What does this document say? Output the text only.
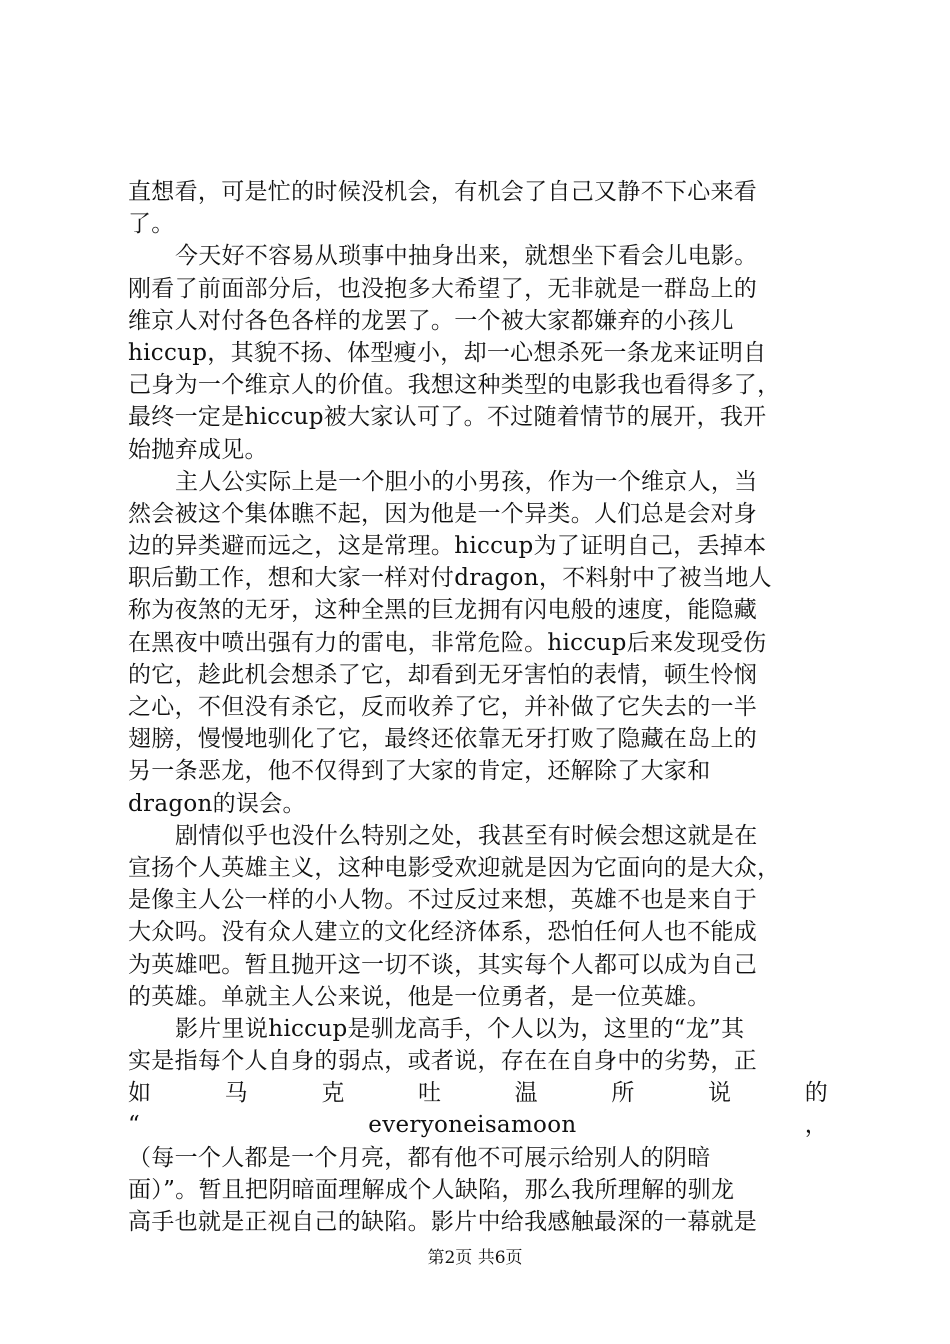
直想看，可是忙的时候没机会，有机会了自己又静不下心来看
了。
今天好不容易从琐事中抽身出来，就想坐下看会儿电影。
刚看了前面部分后，也没抱多大希望了，无非就是一群岛上的
维京人对付各色各样的龙罢了。一个被大家都嫌弃的小孩儿
hiccup，其貌不扬、体型瘦小，却一心想杀死一条龙来证明自
己身为一个维京人的价值。我想这种类型的电影我也看得多了，
最终一定是hiccup被大家认可了。不过随着情节的展开，我开
始抛弃成见。
主人公实际上是一个胆小的小男孩，作为一个维京人，当
然会被这个集体瞧不起，因为他是一个异类。人们总是会对身
边的异类避而远之，这是常理。hiccup为了证明自己，丢掉本
职后勤工作，想和大家一样对付dragon，不料射中了被当地人
称为夜煞的无牙，这种全黑的巨龙拥有闪电般的速度，能隐藏
在黑夜中喷出强有力的雷电，非常危险。hiccup后来发现受伤
的它，趁此机会想杀了它，却看到无牙害怕的表情，顿生怜悯
之心，不但没有杀它，反而收养了它，并补做了它失去的一半
翅膀，慢慢地驯化了它，最终还依靠无牙打败了隐藏在岛上的
另一条恶龙，他不仅得到了大家的肯定，还解除了大家和
dragon的误会。
剧情似乎也没什么特别之处，我甚至有时候会想这就是在
宣扬个人英雄主义，这种电影受欢迎就是因为它面向的是大众，
是像主人公一样的小人物。不过反过来想，英雄不也是来自于
大众吗。没有众人建立的文化经济体系，恐怕任何人也不能成
为英雄吧。暂且抛开这一切不谈，其实每个人都可以成为自己
的英雄。单就主人公来说，他是一位勇者，是一位英雄。
影片里说hiccup是驯龙高手，个人以为，这里的“龙”其
实是指每个人自身的弱点，或者说，存在在自身中的劣势，正
如 马 克 吐 温 所 说 的
“ everyoneisamoon ，
（每一个人都是一个月亮，都有他不可展示给别人的阴暗
面）”。暂且把阴暗面理解成个人缺陷，那么我所理解的驯龙
高手也就是正视自己的缺陷。影片中给我感触最深的一幕就是
第2页 共6页
